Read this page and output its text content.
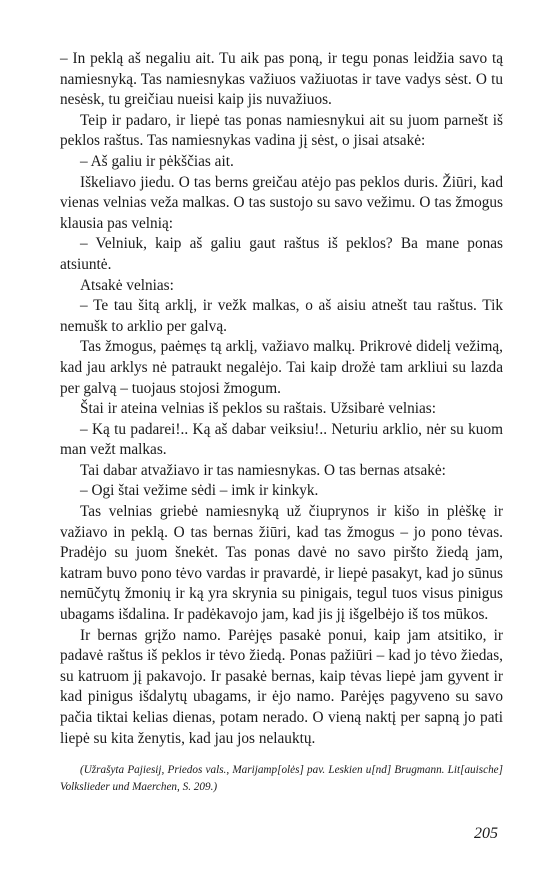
– In peklą aš negaliu ait. Tu aik pas poną, ir tegu ponas leidžia savo tą namiesnyką. Tas namiesnykas važiuos važiuotas ir tave vadys sėst. O tu nesėsk, tu greičiau nueisi kaip jis nuvažiuos.

Teip ir padaro, ir liepė tas ponas namiesnykui ait su juom parnešt iš peklos raštus. Tas namiesnykas vadina jį sėst, o jisai atsakė:

– Aš galiu ir pėkščias ait.

Iškeliavo jiedu. O tas berns greičau atėjo pas peklos duris. Žiūri, kad vienas velnias veža malkas. O tas sustojo su savo vežimu. O tas žmogus klausia pas velnią:

– Velniuk, kaip aš galiu gaut raštus iš peklos? Ba mane ponas atsiuntė.

Atsakė velnias:

– Te tau šitą arklį, ir vežk malkas, o aš aisiu atnešt tau raštus. Tik nemušk to arklio per galvą.

Tas žmogus, paėmęs tą arklį, važiavo malkų. Prikrovė didelį vežimą, kad jau arklys nė patraukt negalėjo. Tai kaip drožė tam arkliui su lazda per galvą – tuojaus stojosi žmogum.

Štai ir ateina velnias iš peklos su raštais. Užsibarė velnias:

– Ką tu padarei!.. Ką aš dabar veiksiu!.. Neturiu arklio, nėr su kuom man vežt malkas.

Tai dabar atvažiavo ir tas namiesnykas. O tas bernas atsakė:

– Ogi štai vežime sėdi – imk ir kinkyk.

Tas velnias griebė namiesnyką už čiuprynos ir kišo in plėškę ir važiavo in peklą. O tas bernas žiūri, kad tas žmogus – jo pono tėvas. Pradėjo su juom šnekėt. Tas ponas davė no savo piršto žiedą jam, katram buvo pono tėvo vardas ir pravardė, ir liepė pasakyt, kad jo sūnus nemūčytų žmonių ir ką yra skrynia su pinigais, tegul tuos visus pinigus ubagams išdalina. Ir padėkavojo jam, kad jis jį išgelbėjo iš tos mūkos.

Ir bernas grįžo namo. Parėjęs pasakė ponui, kaip jam atsitiko, ir padavė raštus iš peklos ir tėvo žiedą. Ponas pažiūri – kad jo tėvo žiedas, su katruom jį pakavojo. Ir pasakė bernas, kaip tėvas liepė jam gyvent ir kad pinigus išdalytų ubagams, ir ėjo namo. Parėjęs pagyveno su savo pačia tiktai kelias dienas, potam nerado. O vieną naktį per sapną jo pati liepė su kita ženytis, kad jau jos nelauktų.

(Užrašyta Pajiesij, Priedos vals., Marijamp[olės] pav. Leskien u[nd] Brugmann. Lit[auische] Volkslieder und Maerchen, S. 209.)

205
